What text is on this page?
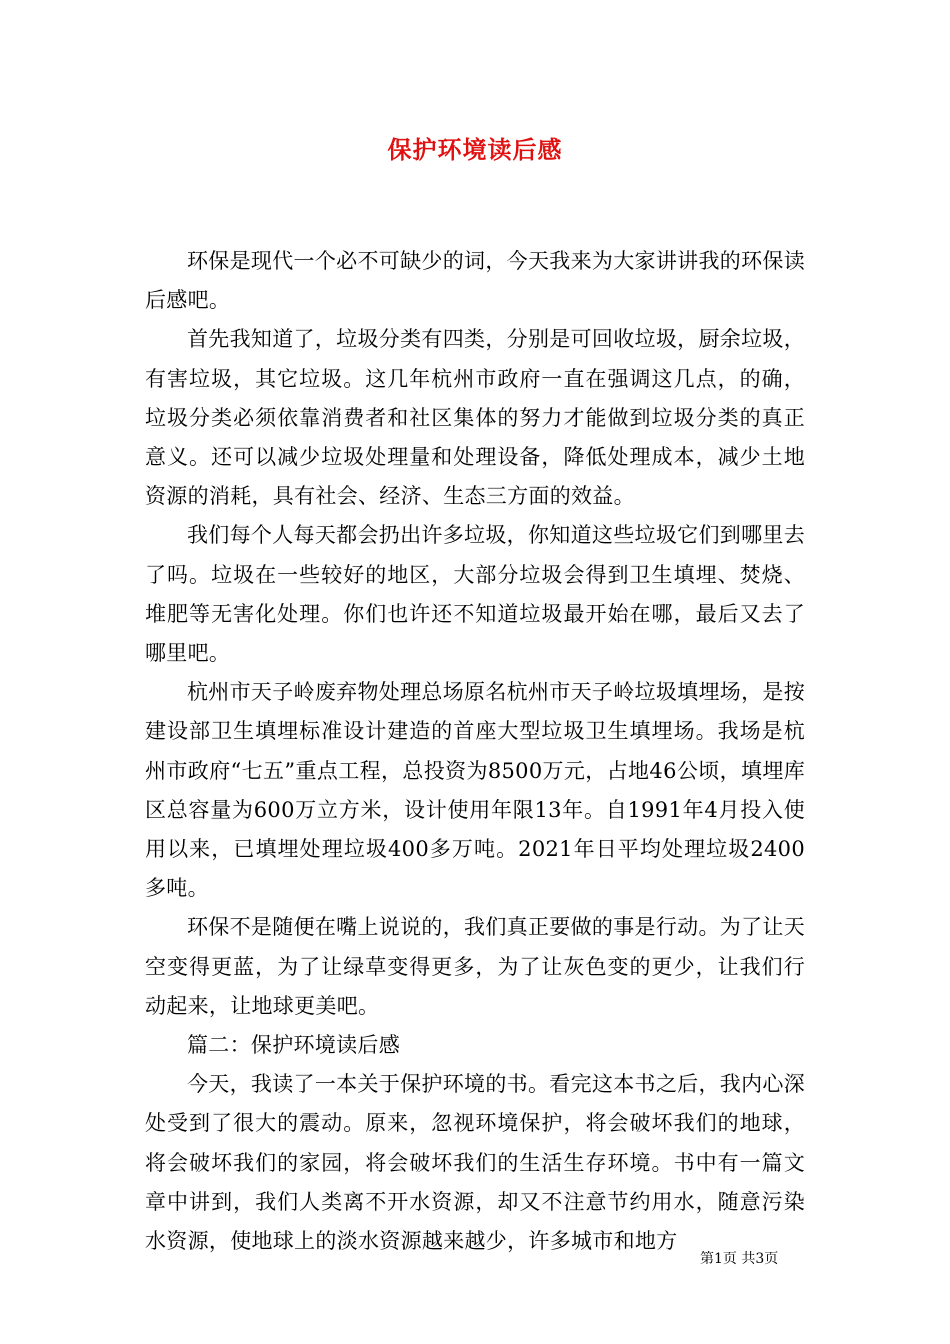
保护环境读后感

环保是现代一个必不可缺少的词，今天我来为大家讲讲我的环保读后感吧。

首先我知道了，垃圾分类有四类，分别是可回收垃圾，厨余垃圾，有害垃圾，其它垃圾。这几年杭州市政府一直在强调这几点，的确，垃圾分类必须依靠消费者和社区集体的努力才能做到垃圾分类的真正意义。还可以减少垃圾处理量和处理设备，降低处理成本，减少土地资源的消耗，具有社会、经济、生态三方面的效益。

我们每个人每天都会扔出许多垃圾，你知道这些垃圾它们到哪里去了吗。垃圾在一些较好的地区，大部分垃圾会得到卫生填埋、焚烧、堆肥等无害化处理。你们也许还不知道垃圾最开始在哪，最后又去了哪里吧。

杭州市天子岭废弃物处理总场原名杭州市天子岭垃圾填埋场，是按建设部卫生填埋标准设计建造的首座大型垃圾卫生填埋场。我场是杭州市政府“七五”重点工程，总投资为8500万元，占地46公顷，填埋库区总容量为600万立方米，设计使用年限13年。自1991年4月投入使用以来，已填埋处理垃圾400多万吨。2021年日平均处理垃圾2400多吨。

环保不是随便在嘴上说说的，我们真正要做的事是行动。为了让天空变得更蓝，为了让绿草变得更多，为了让灰色变的更少，让我们行动起来，让地球更美吧。

篇二：保护环境读后感

今天，我读了一本关于保护环境的书。看完这本书之后，我内心深处受到了很大的震动。原来，忽视环境保护，将会破坏我们的地球，将会破坏我们的家园，将会破坏我们的生活生存环境。书中有一篇文章中讲到，我们人类离不开水资源，却又不注意节约用水，随意污染水资源，使地球上的淡水资源越来越少，许多城市和地方

第1页 共3页
